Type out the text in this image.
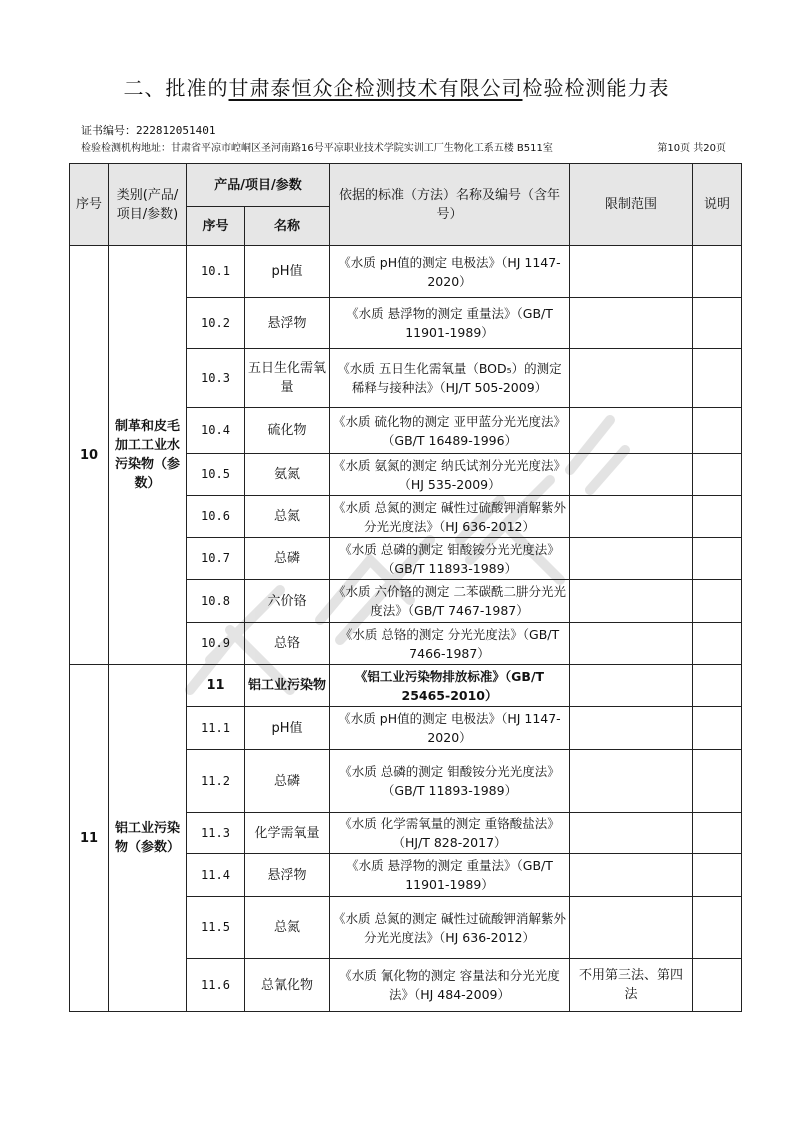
二、批准的甘肃泰恒众企检测技术有限公司检验检测能力表
证书编号：222812051401
检验检测机构地址：甘肃省平凉市崆峒区圣河南路16号平凉职业技术学院实训工厂生物化工系五楼 B511室	第10页 共20页
序号	类别(产品/项目/参数)	产品/项目/参数		依据的标准（方法）名称及编号（含年号）	限制范围	说明
		序号	名称			
10	制革和皮毛加工工业水污染物（参数）	10.1	pH值	《水质 pH值的测定 电极法》（HJ 1147-2020）		
		10.2	悬浮物	《水质 悬浮物的测定 重量法》（GB/T 11901-1989）		
		10.3	五日生化需氧量	《水质 五日生化需氧量（BOD₅）的测定 稀释与接种法》（HJ/T 505-2009）		
		10.4	硫化物	《水质 硫化物的测定 亚甲蓝分光光度法》（GB/T 16489-1996）		
		10.5	氨氮	《水质 氨氮的测定 纳氏试剂分光光度法》（HJ 535-2009）		
		10.6	总氮	《水质 总氮的测定 碱性过硫酸钾消解紫外分光光度法》（HJ 636-2012）		
		10.7	总磷	《水质 总磷的测定 钼酸铵分光光度法》（GB/T 11893-1989）		
		10.8	六价铬	《水质 六价铬的测定 二苯碳酰二肼分光光度法》（GB/T 7467-1987）		
		10.9	总铬	《水质 总铬的测定 分光光度法》（GB/T 7466-1987）		
11	铝工业污染物（参数）	11	铝工业污染物	《铝工业污染物排放标准》（GB/T 25465-2010）		
		11.1	pH值	《水质 pH值的测定 电极法》（HJ 1147-2020）		
		11.2	总磷	《水质 总磷的测定 钼酸铵分光光度法》（GB/T 11893-1989）		
		11.3	化学需氧量	《水质 化学需氧量的测定 重铬酸盐法》（HJ/T 828-2017）		
		11.4	悬浮物	《水质 悬浮物的测定 重量法》（GB/T 11901-1989）		
		11.5	总氮	《水质 总氮的测定 碱性过硫酸钾消解紫外分光光度法》（HJ 636-2012）		
		11.6	总氰化物	《水质 氰化物的测定 容量法和分光光度法》（HJ 484-2009）	不用第三法、第四法	
